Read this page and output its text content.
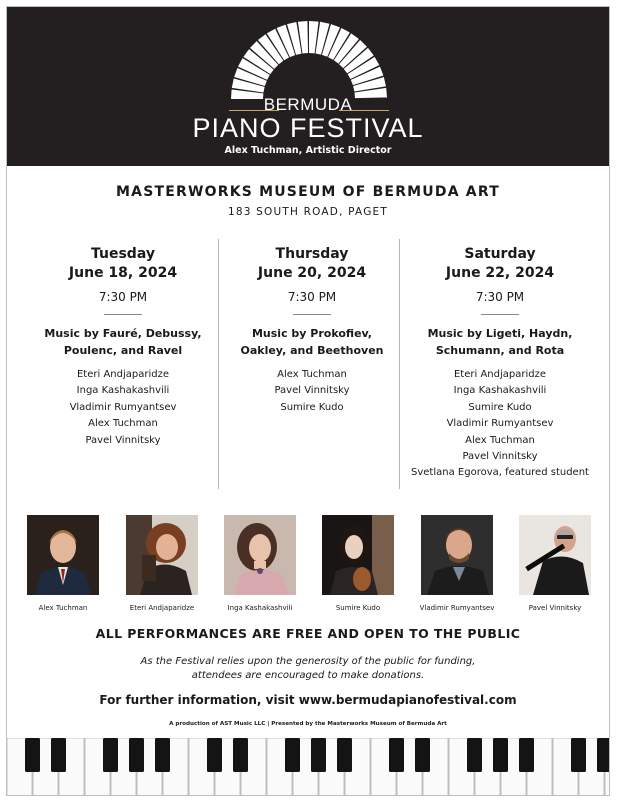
BERMUDA
PIANO FESTIVAL
Alex Tuchman, Artistic Director
MASTERWORKS MUSEUM OF BERMUDA ART
183 SOUTH ROAD, PAGET
Tuesday
June 18, 2024
7:30 PM
Music by Fauré, Debussy,
Poulenc, and Ravel
Eteri Andjaparidze
Inga Kashakashvili
Vladimir Rumyantsev
Alex Tuchman
Pavel Vinnitsky
Thursday
June 20, 2024
7:30 PM
Music by Prokofiev,
Oakley, and Beethoven
Alex Tuchman
Pavel Vinnitsky
Sumire Kudo
Saturday
June 22, 2024
7:30 PM
Music by Ligeti, Haydn,
Schumann, and Rota
Eteri Andjaparidze
Inga Kashakashvili
Sumire Kudo
Vladimir Rumyantsev
Alex Tuchman
Pavel Vinnitsky
Svetlana Egorova, featured student
Alex Tuchman	Eteri Andjaparidze	Inga Kashakashvili	Sumire Kudo	Vladimir Rumyantsev	Pavel Vinnitsky
ALL PERFORMANCES ARE FREE AND OPEN TO THE PUBLIC
As the Festival relies upon the generosity of the public for funding,
attendees are encouraged to make donations.
For further information, visit www.bermudapianofestival.com
A production of AST Music LLC | Presented by the Masterworks Museum of Bermuda Art
